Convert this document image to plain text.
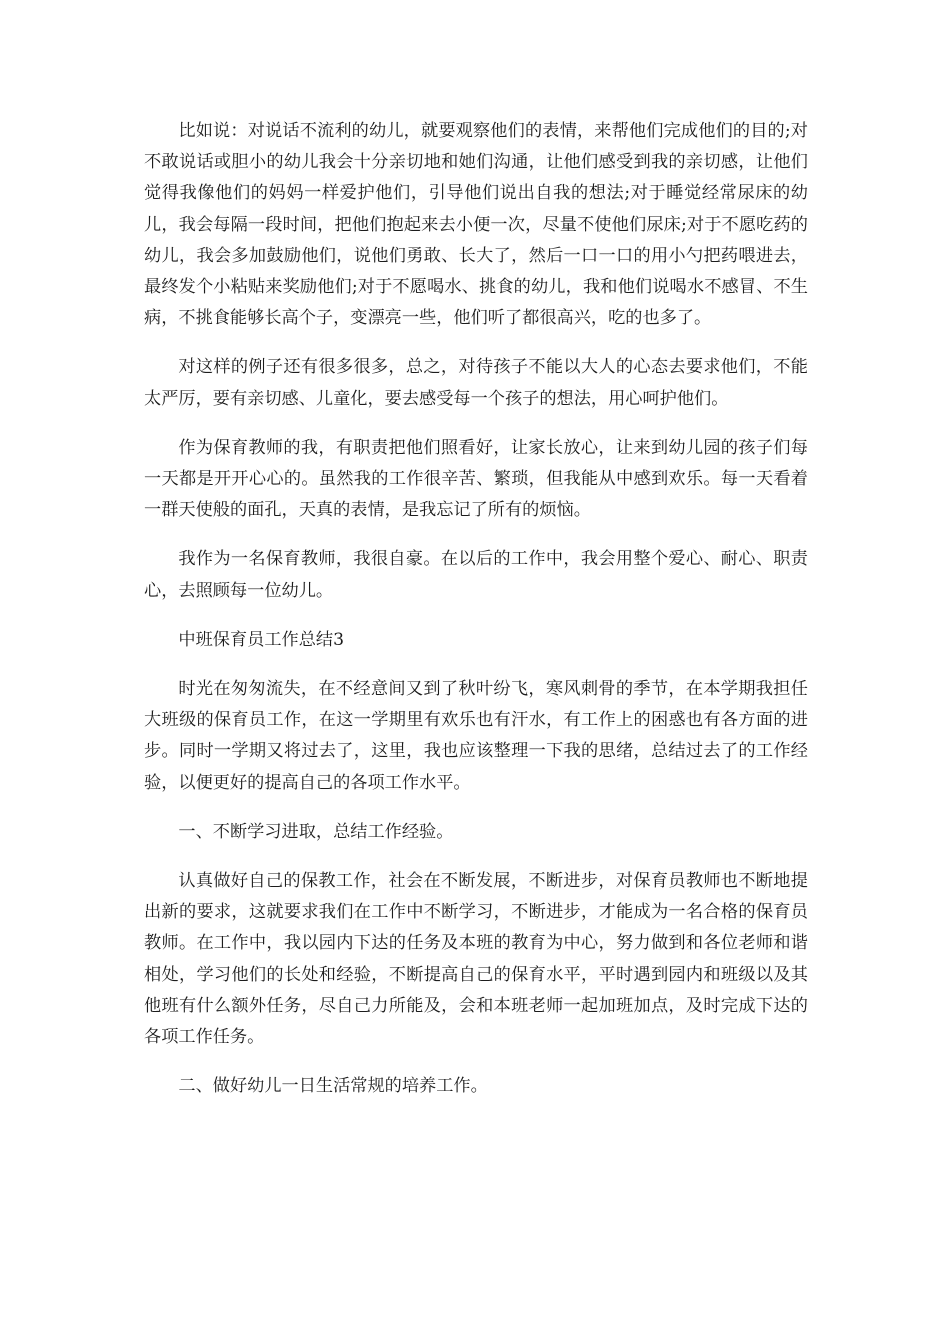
比如说：对说话不流利的幼儿，就要观察他们的表情，来帮他们完成他们的目的;对不敢说话或胆小的幼儿我会十分亲切地和她们沟通，让他们感受到我的亲切感，让他们觉得我像他们的妈妈一样爱护他们，引导他们说出自我的想法;对于睡觉经常尿床的幼儿，我会每隔一段时间，把他们抱起来去小便一次，尽量不使他们尿床;对于不愿吃药的幼儿，我会多加鼓励他们，说他们勇敢、长大了，然后一口一口的用小勺把药喂进去，最终发个小粘贴来奖励他们;对于不愿喝水、挑食的幼儿，我和他们说喝水不感冒、不生病，不挑食能够长高个子，变漂亮一些，他们听了都很高兴，吃的也多了。

对这样的例子还有很多很多，总之，对待孩子不能以大人的心态去要求他们，不能太严厉，要有亲切感、儿童化，要去感受每一个孩子的想法，用心呵护他们。

作为保育教师的我，有职责把他们照看好，让家长放心，让来到幼儿园的孩子们每一天都是开开心心的。虽然我的工作很辛苦、繁琐，但我能从中感到欢乐。每一天看着一群天使般的面孔，天真的表情，是我忘记了所有的烦恼。

我作为一名保育教师，我很自豪。在以后的工作中，我会用整个爱心、耐心、职责心，去照顾每一位幼儿。

中班保育员工作总结3

时光在匆匆流失，在不经意间又到了秋叶纷飞，寒风刺骨的季节，在本学期我担任大班级的保育员工作，在这一学期里有欢乐也有汗水，有工作上的困惑也有各方面的进步。同时一学期又将过去了，这里，我也应该整理一下我的思绪，总结过去了的工作经验，以便更好的提高自己的各项工作水平。

一、不断学习进取，总结工作经验。

认真做好自己的保教工作，社会在不断发展，不断进步，对保育员教师也不断地提出新的要求，这就要求我们在工作中不断学习，不断进步，才能成为一名合格的保育员教师。在工作中，我以园内下达的任务及本班的教育为中心，努力做到和各位老师和谐相处，学习他们的长处和经验，不断提高自己的保育水平，平时遇到园内和班级以及其他班有什么额外任务，尽自己力所能及，会和本班老师一起加班加点，及时完成下达的各项工作任务。

二、做好幼儿一日生活常规的培养工作。
